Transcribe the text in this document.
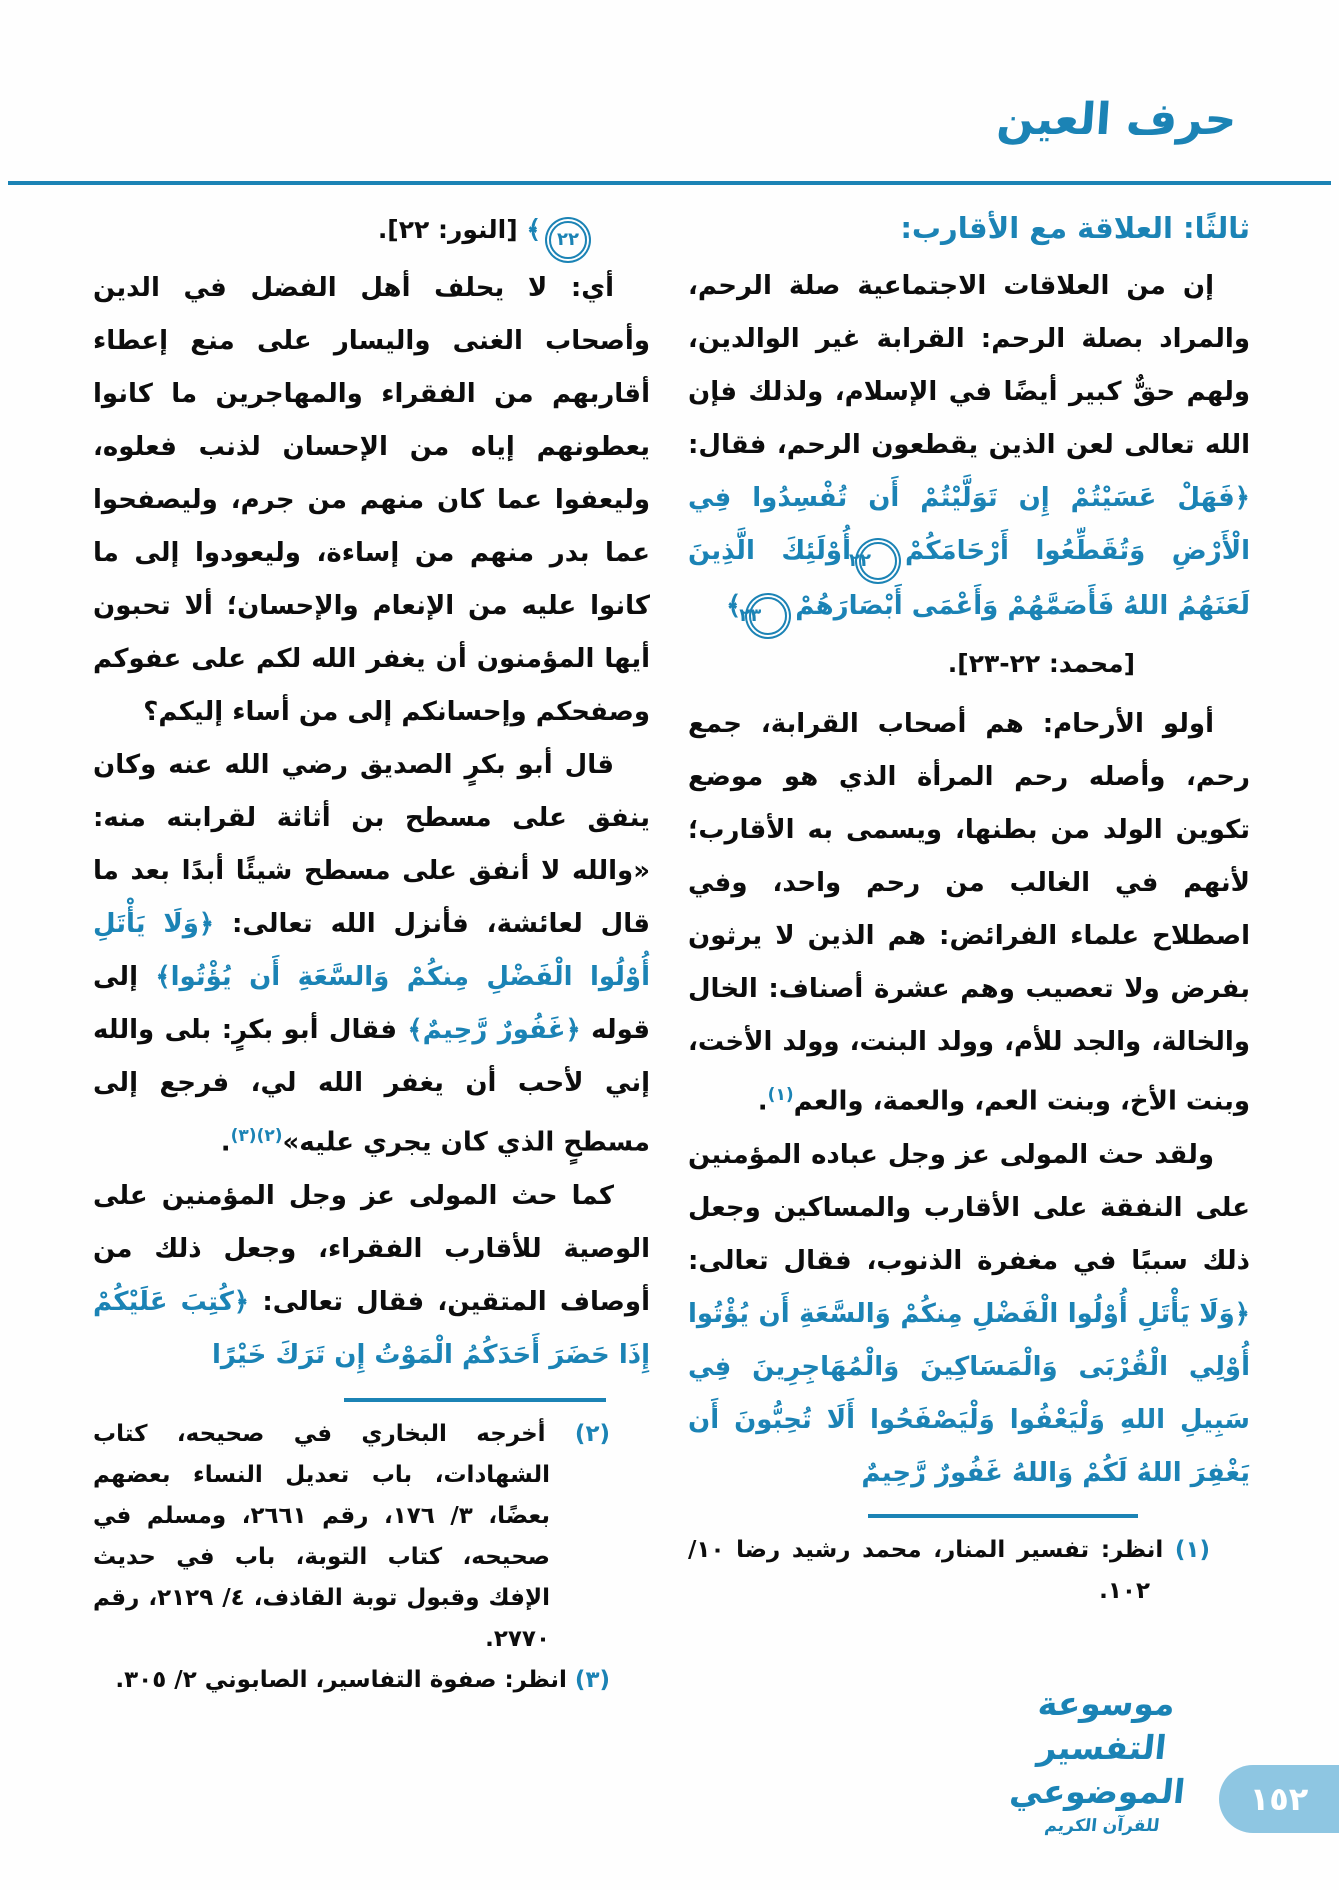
حرف العين
ثالثًا: العلاقة مع الأقارب:

إن من العلاقات الاجتماعية صلة الرحم، والمراد بصلة الرحم: القرابة غير الوالدين، ولهم حقٌّ كبير أيضًا في الإسلام، ولذلك فإن الله تعالى لعن الذين يقطعون الرحم، فقال: ﴿فَهَلْ عَسَيْتُمْ إِن تَوَلَّيْتُمْ أَن تُفْسِدُوا فِي الْأَرْضِ وَتُقَطِّعُوا أَرْحَامَكُمْ٢٢أُوْلَئِكَ الَّذِينَ لَعَنَهُمُ اللهُ فَأَصَمَّهُمْ وَأَعْمَى أَبْصَارَهُمْ٢٣﴾

[محمد: ٢٢-٢٣].

أولو الأرحام: هم أصحاب القرابة، جمع رحم، وأصله رحم المرأة الذي هو موضع تكوين الولد من بطنها، ويسمى به الأقارب؛ لأنهم في الغالب من رحم واحد، وفي اصطلاح علماء الفرائض: هم الذين لا يرثون بفرض ولا تعصيب وهم عشرة أصناف: الخال والخالة، والجد للأم، وولد البنت، وولد الأخت، وبنت الأخ، وبنت العم، والعمة، والعم$^{(١)}$.

ولقد حث المولى عز وجل عباده المؤمنين على النفقة على الأقارب والمساكين وجعل ذلك سببًا في مغفرة الذنوب، فقال تعالى: ﴿وَلَا يَأْتَلِ أُوْلُوا الْفَضْلِ مِنكُمْ وَالسَّعَةِ أَن يُؤْتُوا أُوْلِي الْقُرْبَى وَالْمَسَاكِينَ وَالْمُهَاجِرِينَ فِي سَبِيلِ اللهِ وَلْيَعْفُوا وَلْيَصْفَحُوا أَلَا تُحِبُّونَ أَن يَغْفِرَ اللهُ لَكُمْ وَاللهُ غَفُورٌ رَّحِيمٌ

(١) انظر: تفسير المنار، محمد رشيد رضا ١٠/ ١٠٢.
٢٢﴾ [النور: ٢٢].

أي: لا يحلف أهل الفضل في الدين وأصحاب الغنى واليسار على منع إعطاء أقاربهم من الفقراء والمهاجرين ما كانوا يعطونهم إياه من الإحسان لذنب فعلوه، وليعفوا عما كان منهم من جرم، وليصفحوا عما بدر منهم من إساءة، وليعودوا إلى ما كانوا عليه من الإنعام والإحسان؛ ألا تحبون أيها المؤمنون أن يغفر الله لكم على عفوكم وصفحكم وإحسانكم إلى من أساء إليكم؟

قال أبو بكرٍ الصديق رضي الله عنه وكان ينفق على مسطح بن أثاثة لقرابته منه: «والله لا أنفق على مسطح شيئًا أبدًا بعد ما قال لعائشة، فأنزل الله تعالى: ﴿وَلَا يَأْتَلِ أُوْلُوا الْفَضْلِ مِنكُمْ وَالسَّعَةِ أَن يُؤْتُوا﴾ إلى قوله ﴿غَفُورٌ رَّحِيمٌ﴾ فقال أبو بكرٍ: بلى والله إني لأحب أن يغفر الله لي، فرجع إلى مسطحٍ الذي كان يجري عليه»$^{(٢)(٣)}$.

كما حث المولى عز وجل المؤمنين على الوصية للأقارب الفقراء، وجعل ذلك من أوصاف المتقين، فقال تعالى: ﴿كُتِبَ عَلَيْكُمْ إِذَا حَضَرَ أَحَدَكُمُ الْمَوْتُ إِن تَرَكَ خَيْرًا

(٢) أخرجه البخاري في صحيحه، كتاب الشهادات، باب تعديل النساء بعضهم بعضًا، ٣/ ١٧٦، رقم ٢٦٦١، ومسلم في صحيحه، كتاب التوبة، باب في حديث الإفك وقبول توبة القاذف، ٤/ ٢١٢٩، رقم ٢٧٧٠.
(٣) انظر: صفوة التفاسير، الصابوني ٢/ ٣٠٥.
موسوعة التفسير الموضوعي
للقرآن الكريم
١٥٢
